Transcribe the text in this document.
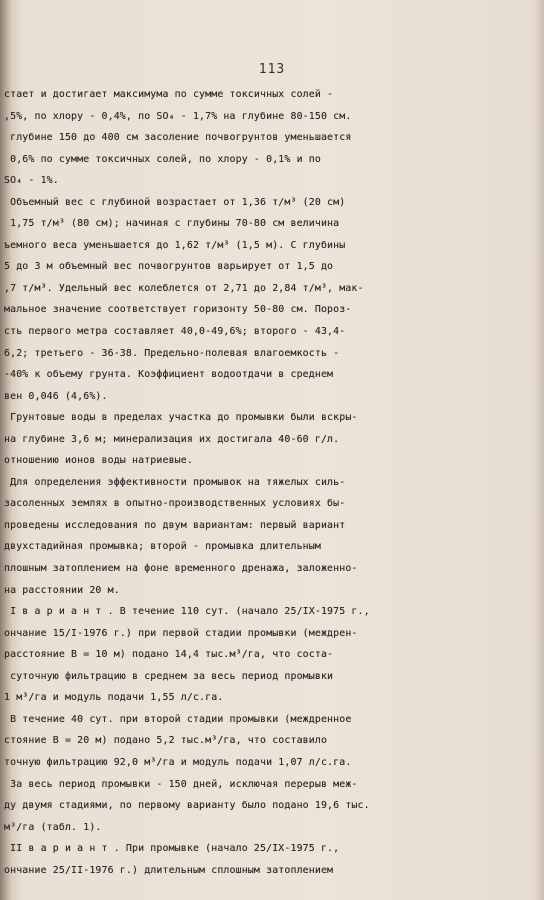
113
стает и достигает максимума по сумме токсичных солей -
,5%, по хлору - 0,4%, по SO₄ - 1,7% на глубине 80-150 см.
глубине 150 до 400 см засоление почвогрунтов уменьшается
0,6% по сумме токсичных солей, по хлору - 0,1% и по
SO₄ - 1%.
Объемный вес с глубиной возрастает от 1,36 т/м³ (20 см)
1,75 т/м³ (80 см); начиная с глубины 70-80 см величина
ъемного веса уменьшается до 1,62 т/м³ (1,5 м). С глубины
5 до 3 м объемный вес почвогрунтов варьирует от 1,5 до
,7 т/м³. Удельный вес колеблется от 2,71 до 2,84 т/м³, мак-
мальное значение соответствует горизонту 50-80 см. Порoз-
сть первого метра составляет 40,0-49,6%; второго - 43,4-
6,2; третьего - 36-38. Предельно-полевая влагоемкость -
-40% к объему грунта. Коэффициент водоотдачи в среднем
вен 0,046 (4,6%).
Грунтовые воды в пределах участка до промывки были вскры-
на глубине 3,6 м; минерализация их достигала 40-60 г/л.
отношению ионов воды натриевые.
Для определения эффективности промывок на тяжелых силь-
засоленных землях в опытно-производственных условиях бы-
проведены исследования по двум вариантам: первый вариант
двухстадийная промывка; второй - промывка длительным
плошным затоплением на фоне временного дренажа, заложенно-
на расстоянии 20 м.
I в а р и а н т . В течение 110 сут. (начало 25/IX-1975 г.,
ончание 15/I-1976 г.) при первой стадии промывки (междрен-
расстояние В = 10 м) подано 14,4 тыс.м³/га, что соста-
суточную фильтрацию в среднем за весь период промывки
1 м³/га и модуль подачи 1,55 л/с.га.
В течение 40 сут. при второй стадии промывки (междренное
стояние В = 20 м) подано 5,2 тыс.м³/га, что составило
точную фильтрацию 92,0 м³/га и модуль подачи 1,07 л/с.га.
За весь период промывки - 150 дней, исключая перерыв меж-
ду двумя стадиями, по первому варианту было подано 19,6 тыс.
м³/га (табл. 1).
II в а р и а н т . При промывке (начало 25/IX-1975 г.,
ончание 25/II-1976 г.) длительным сплошным затоплением
